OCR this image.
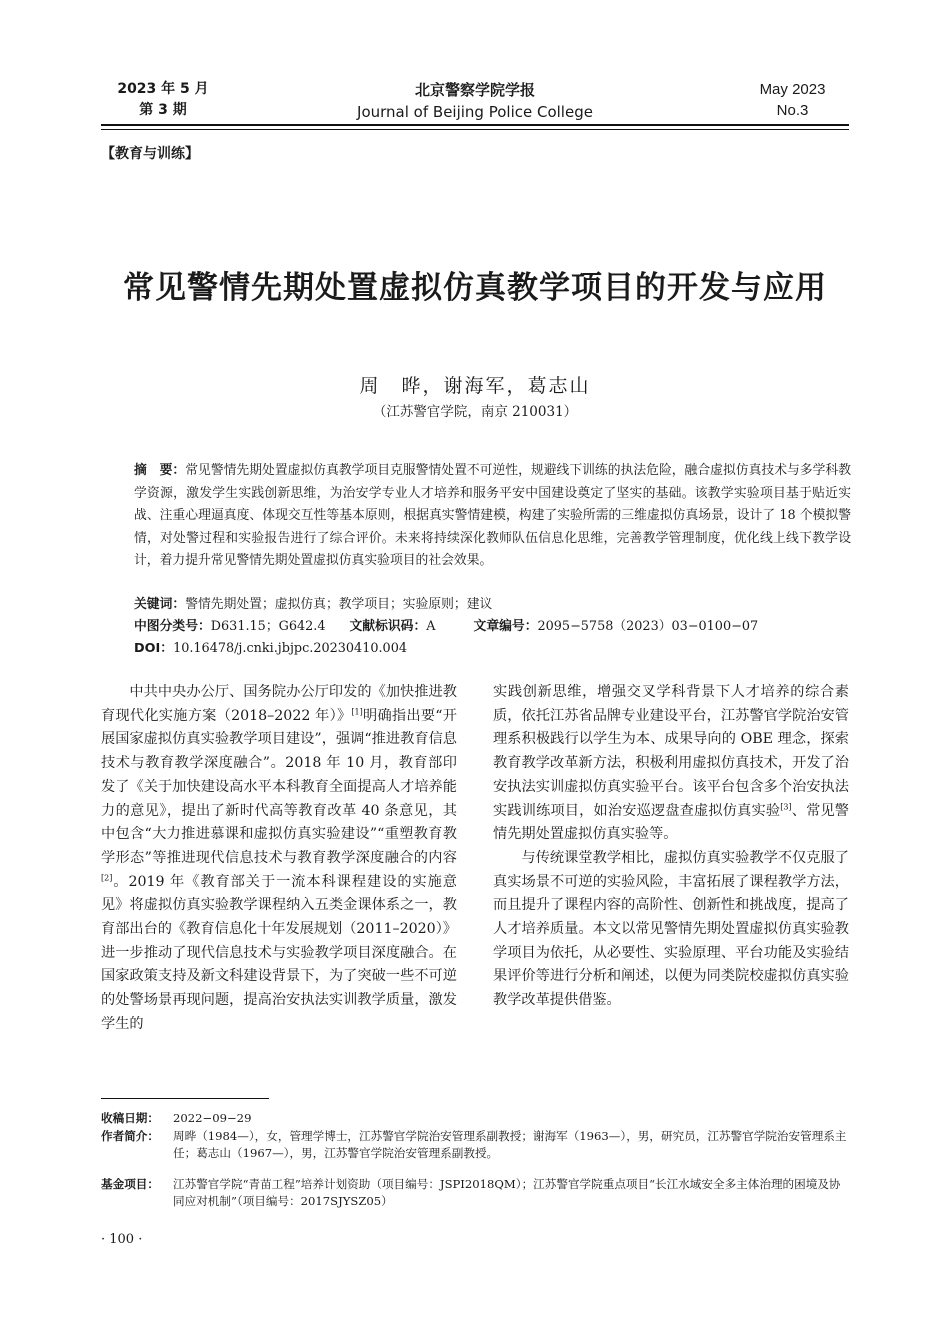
2023 年 5 月
第 3 期
北京警察学院学报
Journal of Beijing Police College
May 2023
No.3
【教育与训练】
常见警情先期处置虚拟仿真教学项目的开发与应用
周　晔，谢海军，葛志山
（江苏警官学院，南京 210031）
摘　要：常见警情先期处置虚拟仿真教学项目克服警情处置不可逆性，规避线下训练的执法危险，融合虚拟仿真技术与多学科教学资源，激发学生实践创新思维，为治安学专业人才培养和服务平安中国建设奠定了坚实的基础。该教学实验项目基于贴近实战、注重心理逼真度、体现交互性等基本原则，根据真实警情建模，构建了实验所需的三维虚拟仿真场景，设计了 18 个模拟警情，对处警过程和实验报告进行了综合评价。未来将持续深化教师队伍信息化思维，完善教学管理制度，优化线上线下教学设计，着力提升常见警情先期处置虚拟仿真实验项目的社会效果。
关键词：警情先期处置；虚拟仿真；教学项目；实验原则；建议
中图分类号：D631.15；G642.4 文献标识码：A	文章编号：2095−5758（2023）03−0100−07
DOI：10.16478/j.cnki.jbjpc.20230410.004

中共中央办公厅、国务院办公厅印发的《加快推进教育现代化实施方案（2018–2022 年）》[1]明确指出要“开展国家虚拟仿真实验教学项目建设”，强调“推进教育信息技术与教育教学深度融合”。2018 年 10 月，教育部印发了《关于加快建设高水平本科教育全面提高人才培养能力的意见》，提出了新时代高等教育改革 40 条意见，其中包含“大力推进慕课和虚拟仿真实验建设”“重塑教育教学形态”等推进现代信息技术与教育教学深度融合的内容[2]。2019 年《教育部关于一流本科课程建设的实施意见》将虚拟仿真实验教学课程纳入五类金课体系之一，教育部出台的《教育信息化十年发展规划（2011–2020）》进一步推动了现代信息技术与实验教学项目深度融合。在国家政策支持及新文科建设背景下，为了突破一些不可逆的处警场景再现问题，提高治安执法实训教学质量，激发学生的

实践创新思维，增强交叉学科背景下人才培养的综合素质，依托江苏省品牌专业建设平台，江苏警官学院治安管理系积极践行以学生为本、成果导向的 OBE 理念，探索教育教学改革新方法，积极利用虚拟仿真技术，开发了治安执法实训虚拟仿真实验平台。该平台包含多个治安执法实践训练项目，如治安巡逻盘查虚拟仿真实验[3]、常见警情先期处置虚拟仿真实验等。

与传统课堂教学相比，虚拟仿真实验教学不仅克服了真实场景不可逆的实验风险，丰富拓展了课程教学方法，而且提升了课程内容的高阶性、创新性和挑战度，提高了人才培养质量。本文以常见警情先期处置虚拟仿真实验教学项目为依托，从必要性、实验原理、平台功能及实验结果评价等进行分析和阐述，以便为同类院校虚拟仿真实验教学改革提供借鉴。

收稿日期： 2022−09−29
作者简介： 周晔（1984—），女，管理学博士，江苏警官学院治安管理系副教授；谢海军（1963—），男，研究员，江苏警官学院治安管理系主任；葛志山（1967—），男，江苏警官学院治安管理系副教授。
基金项目： 江苏警官学院“青苗工程”培养计划资助（项目编号：JSPI2018QM）；江苏警官学院重点项目“长江水域安全多主体治理的困境及协同应对机制”（项目编号：2017SJYSZ05）
· 100 ·
